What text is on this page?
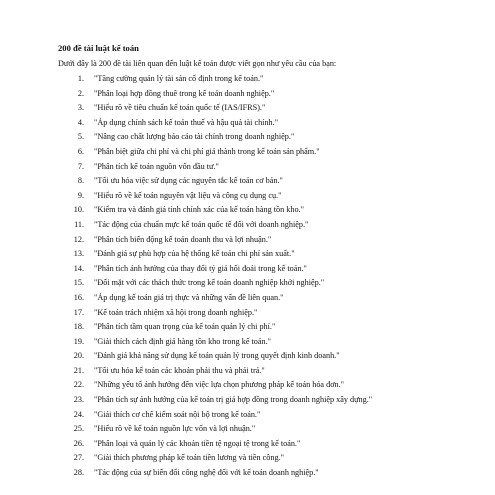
200 đề tài luật kế toán
Dưới đây là 200 đề tài liên quan đến luật kế toán được viết gọn như yêu cầu của bạn:
1.	"Tăng cường quản lý tài sản cố định trong kế toán."
2.	"Phân loại hợp đồng thuê trong kế toán doanh nghiệp."
3.	"Hiểu rõ về tiêu chuẩn kế toán quốc tế (IAS/IFRS)."
4.	"Áp dụng chính sách kế toán thuế và hậu quả tài chính."
5.	"Nâng cao chất lượng báo cáo tài chính trong doanh nghiệp."
6.	"Phân biệt giữa chi phí và chi phí giá thành trong kế toán sản phẩm."
7.	"Phân tích kế toán nguồn vốn đầu tư."
8.	"Tối ưu hóa việc sử dụng các nguyên tắc kế toán cơ bản."
9.	"Hiểu rõ về kế toán nguyên vật liệu và công cụ dụng cụ."
10.	"Kiểm tra và đánh giá tính chính xác của kế toán hàng tồn kho."
11.	"Tác động của chuẩn mực kế toán quốc tế đối với doanh nghiệp."
12.	"Phân tích biến động kế toán doanh thu và lợi nhuận."
13.	"Đánh giá sự phù hợp của hệ thống kế toán chi phí sản xuất."
14.	"Phân tích ảnh hưởng của thay đổi tỷ giá hối đoái trong kế toán."
15.	"Đối mặt với các thách thức trong kế toán doanh nghiệp khởi nghiệp."
16.	"Áp dụng kế toán giá trị thực và những vấn đề liên quan."
17.	"Kế toán trách nhiệm xã hội trong doanh nghiệp."
18.	"Phân tích tầm quan trọng của kế toán quản lý chi phí."
19.	"Giải thích cách định giá hàng tồn kho trong kế toán."
20.	"Đánh giá khả năng sử dụng kế toán quản lý trong quyết định kinh doanh."
21.	"Tối ưu hóa kế toán các khoản phải thu và phải trả."
22.	"Những yếu tố ảnh hưởng đến việc lựa chọn phương pháp kế toán hóa đơn."
23.	"Phân tích sự ảnh hưởng của kế toán trị giá hợp đồng trong doanh nghiệp xây dựng."
24.	"Giải thích cơ chế kiểm soát nội bộ trong kế toán."
25.	"Hiểu rõ về kế toán nguồn lực vốn và lợi nhuận."
26.	"Phân loại và quản lý các khoản tiền tệ ngoại tệ trong kế toán."
27.	"Giải thích phương pháp kế toán tiền lương và tiền công."
28.	"Tác động của sự biến đổi công nghệ đối với kế toán doanh nghiệp."
